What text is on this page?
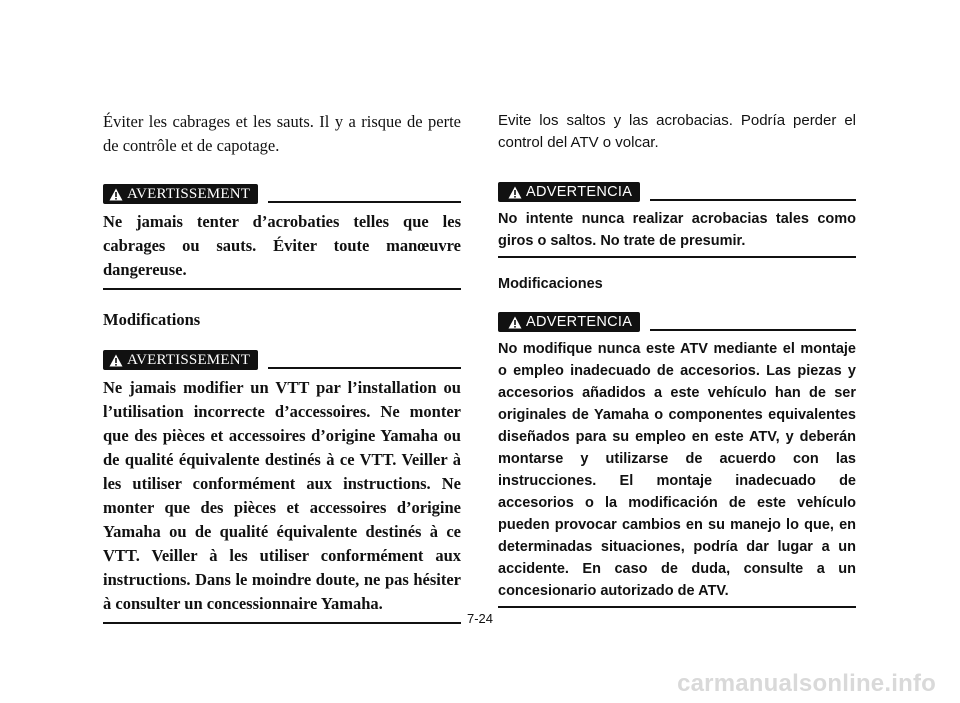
Éviter les cabrages et les sauts. Il y a risque de perte de contrôle et de capotage.

AVERTISSEMENT

Ne jamais tenter d’acrobaties telles que les cabrages ou sauts. Éviter toute manœuvre dangereuse.

Modifications
AVERTISSEMENT

Ne jamais modifier un VTT par l’installation ou l’utilisation incorrecte d’accessoires. Ne monter que des pièces et accessoires d’origine Yamaha ou de qualité équivalente destinés à ce VTT. Veiller à les utiliser conformément aux instructions. Ne monter que des pièces et accessoires d’origine Yamaha ou de qualité équivalente destinés à ce VTT. Veiller à les utiliser conformément aux instructions. Dans le moindre doute, ne pas hésiter à consulter un concessionnaire Yamaha.

Evite los saltos y las acrobacias. Podría perder el control del ATV o volcar.

ADVERTENCIA

No intente nunca realizar acrobacias tales como giros o saltos. No trate de presumir.

Modificaciones
ADVERTENCIA

No modifique nunca este ATV mediante el montaje o empleo inadecuado de accesorios. Las piezas y accesorios añadidos a este vehículo han de ser originales de Yamaha o componentes equivalentes diseñados para su empleo en este ATV, y deberán montarse y utilizarse de acuerdo con las instrucciones. El montaje inadecuado de accesorios o la modificación de este vehículo pueden provocar cambios en su manejo lo que, en determinadas situaciones, podría dar lugar a un accidente. En caso de duda, consulte a un concesionario autorizado de ATV.

7-24
carmanualsonline.info
